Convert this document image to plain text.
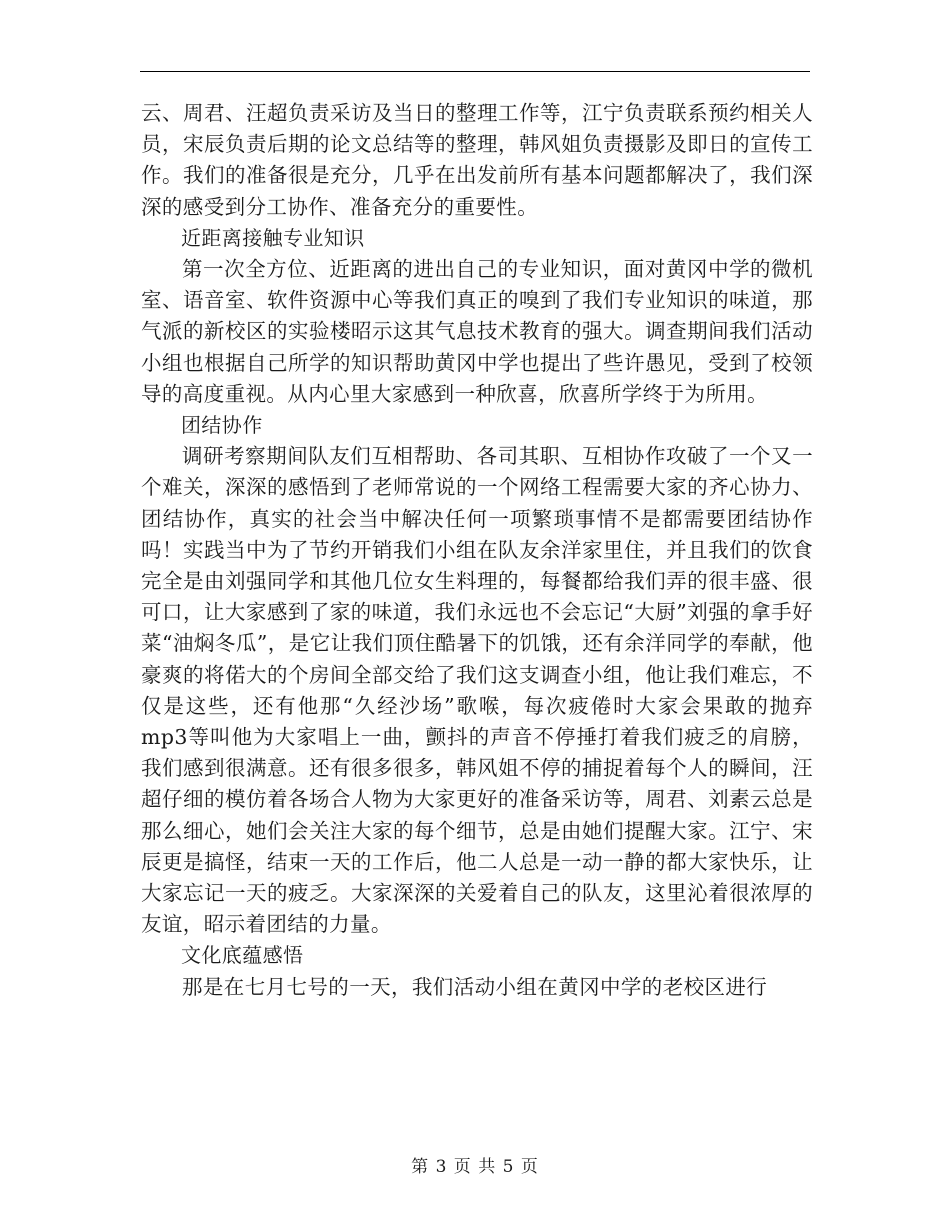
云、周君、汪超负责采访及当日的整理工作等，江宁负责联系预约相关人员，宋辰负责后期的论文总结等的整理，韩风姐负责摄影及即日的宣传工作。我们的准备很是充分，几乎在出发前所有基本问题都解决了，我们深深的感受到分工协作、准备充分的重要性。

近距离接触专业知识

第一次全方位、近距离的进出自己的专业知识，面对黄冈中学的微机室、语音室、软件资源中心等我们真正的嗅到了我们专业知识的味道，那气派的新校区的实验楼昭示这其气息技术教育的强大。调查期间我们活动小组也根据自己所学的知识帮助黄冈中学也提出了些许愚见，受到了校领导的高度重视。从内心里大家感到一种欣喜，欣喜所学终于为所用。

团结协作

调研考察期间队友们互相帮助、各司其职、互相协作攻破了一个又一个难关，深深的感悟到了老师常说的一个网络工程需要大家的齐心协力、团结协作，真实的社会当中解决任何一项繁琐事情不是都需要团结协作吗！实践当中为了节约开销我们小组在队友余洋家里住，并且我们的饮食完全是由刘强同学和其他几位女生料理的，每餐都给我们弄的很丰盛、很可口，让大家感到了家的味道，我们永远也不会忘记“大厨”刘强的拿手好菜“油焖冬瓜”，是它让我们顶住酷暑下的饥饿，还有余洋同学的奉献，他豪爽的将偌大的个房间全部交给了我们这支调查小组，他让我们难忘，不仅是这些，还有他那“久经沙场”歌喉，每次疲倦时大家会果敢的抛弃mp3等叫他为大家唱上一曲，颤抖的声音不停捶打着我们疲乏的肩膀，我们感到很满意。还有很多很多，韩风姐不停的捕捉着每个人的瞬间，汪超仔细的模仿着各场合人物为大家更好的准备采访等，周君、刘素云总是那么细心，她们会关注大家的每个细节，总是由她们提醒大家。江宁、宋辰更是搞怪，结束一天的工作后，他二人总是一动一静的都大家快乐，让大家忘记一天的疲乏。大家深深的关爱着自己的队友，这里沁着很浓厚的友谊，昭示着团结的力量。

文化底蕴感悟

那是在七月七号的一天，我们活动小组在黄冈中学的老校区进行

第 3 页 共 5 页
